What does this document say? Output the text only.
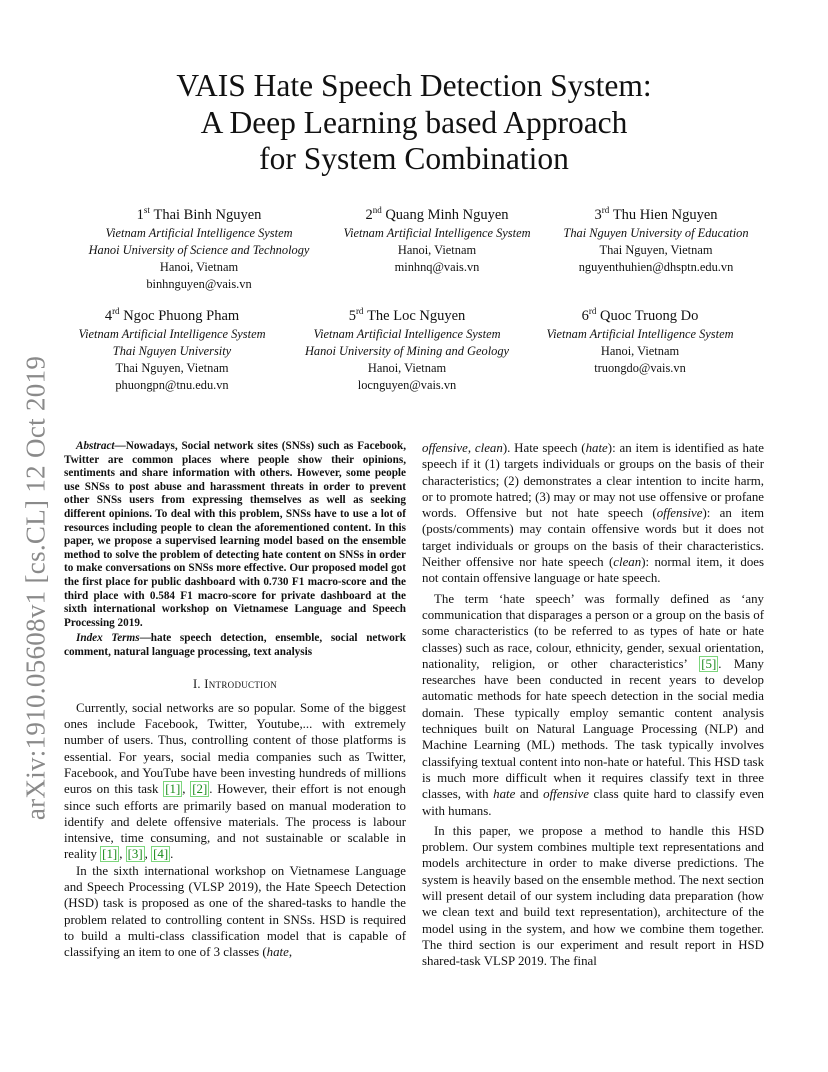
arXiv:1910.05608v1 [cs.CL] 12 Oct 2019
VAIS Hate Speech Detection System:
A Deep Learning based Approach
for System Combination
1st Thai Binh Nguyen
Vietnam Artificial Intelligence System
Hanoi University of Science and Technology
Hanoi, Vietnam
binhnguyen@vais.vn
2nd Quang Minh Nguyen
Vietnam Artificial Intelligence System
Hanoi, Vietnam
minhnq@vais.vn
3rd Thu Hien Nguyen
Thai Nguyen University of Education
Thai Nguyen, Vietnam
nguyenthuhien@dhsptn.edu.vn
4rd Ngoc Phuong Pham
Vietnam Artificial Intelligence System
Thai Nguyen University
Thai Nguyen, Vietnam
phuongpn@tnu.edu.vn
5rd The Loc Nguyen
Vietnam Artificial Intelligence System
Hanoi University of Mining and Geology
Hanoi, Vietnam
locnguyen@vais.vn
6rd Quoc Truong Do
Vietnam Artificial Intelligence System
Hanoi, Vietnam
truongdo@vais.vn

Abstract—Nowadays, Social network sites (SNSs) such as Facebook, Twitter are common places where people show their opinions, sentiments and share information with others. However, some people use SNSs to post abuse and harassment threats in order to prevent other SNSs users from expressing themselves as well as seeking different opinions. To deal with this problem, SNSs have to use a lot of resources including people to clean the aforementioned content. In this paper, we propose a supervised learning model based on the ensemble method to solve the problem of detecting hate content on SNSs in order to make conversations on SNSs more effective. Our proposed model got the first place for public dashboard with 0.730 F1 macro-score and the third place with 0.584 F1 macro-score for private dashboard at the sixth international workshop on Vietnamese Language and Speech Processing 2019.

Index Terms—hate speech detection, ensemble, social network comment, natural language processing, text analysis

I. Introduction

Currently, social networks are so popular. Some of the biggest ones include Facebook, Twitter, Youtube,... with extremely number of users. Thus, controlling content of those platforms is essential. For years, social media companies such as Twitter, Facebook, and YouTube have been investing hundreds of millions euros on this task [1] , [2] . However, their effort is not enough since such efforts are primarily based on manual moderation to identify and delete offensive materials. The process is labour intensive, time consuming, and not sustainable or scalable in reality [1] , [3] , [4] .

In the sixth international workshop on Vietnamese Language and Speech Processing (VLSP 2019), the Hate Speech Detection (HSD) task is proposed as one of the shared-tasks to handle the problem related to controlling content in SNSs. HSD is required to build a multi-class classification model that is capable of classifying an item to one of 3 classes (hate,

offensive, clean). Hate speech (hate): an item is identified as hate speech if it (1) targets individuals or groups on the basis of their characteristics; (2) demonstrates a clear intention to incite harm, or to promote hatred; (3) may or may not use offensive or profane words. Offensive but not hate speech (offensive): an item (posts/comments) may contain offensive words but it does not target individuals or groups on the basis of their characteristics. Neither offensive nor hate speech (clean): normal item, it does not contain offensive language or hate speech.

The term ‘hate speech’ was formally defined as ‘any communication that disparages a person or a group on the basis of some characteristics (to be referred to as types of hate or hate classes) such as race, colour, ethnicity, gender, sexual orientation, nationality, religion, or other characteristics’ [5] . Many researches have been conducted in recent years to develop automatic methods for hate speech detection in the social media domain. These typically employ semantic content analysis techniques built on Natural Language Processing (NLP) and Machine Learning (ML) methods. The task typically involves classifying textual content into non-hate or hateful. This HSD task is much more difficult when it requires classify text in three classes, with hate and offensive class quite hard to classify even with humans.

In this paper, we propose a method to handle this HSD problem. Our system combines multiple text representations and models architecture in order to make diverse predictions. The system is heavily based on the ensemble method. The next section will present detail of our system including data preparation (how we clean text and build text representation), architecture of the model using in the system, and how we combine them together. The third section is our experiment and result report in HSD shared-task VLSP 2019. The final
